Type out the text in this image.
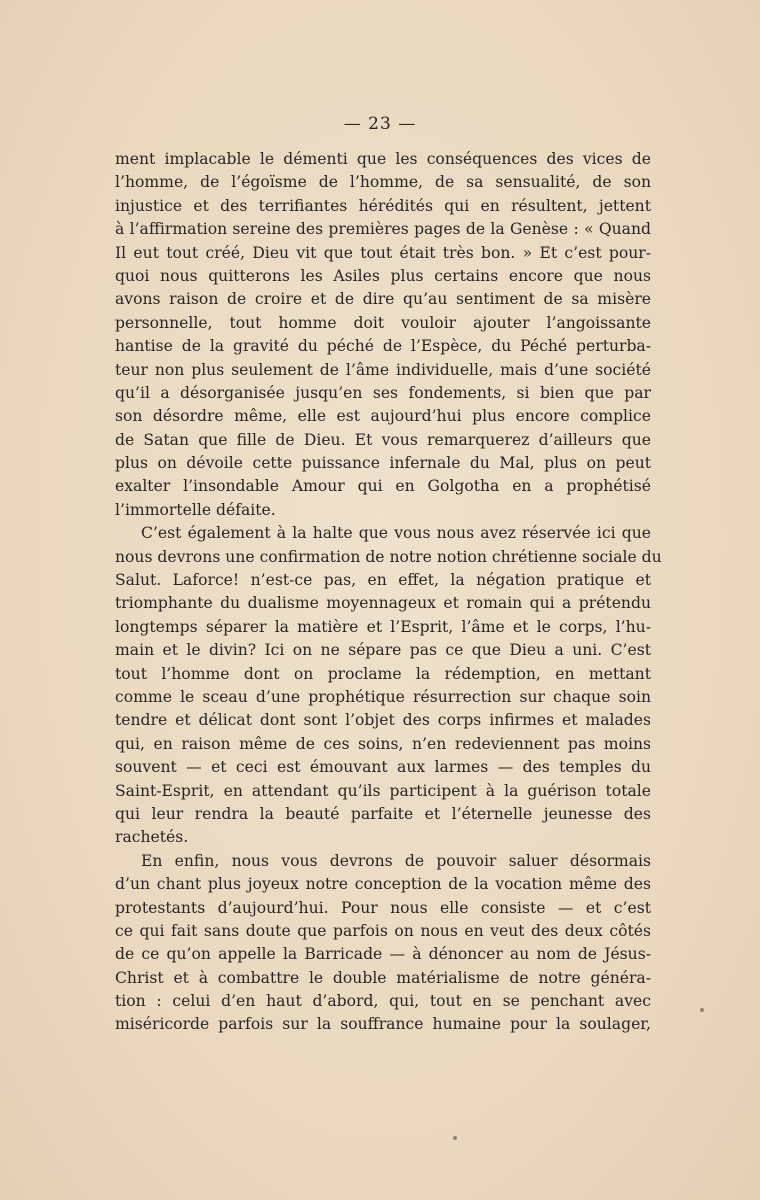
— 23 —
ment implacable le démenti que les conséquences des vices de
l’homme, de l’égoïsme de l’homme, de sa sensualité, de son
injustice et des terrifiantes hérédités qui en résultent, jettent
à l’affirmation sereine des premières pages de la Genèse : « Quand
Il eut tout créé, Dieu vit que tout était très bon. » Et c’est pour-
quoi nous quitterons les Asiles plus certains encore que nous
avons raison de croire et de dire qu’au sentiment de sa misère
personnelle, tout homme doit vouloir ajouter l’angoissante
hantise de la gravité du péché de l’Espèce, du Péché perturba-
teur non plus seulement de l’âme individuelle, mais d’une société
qu’il a désorganisée jusqu’en ses fondements, si bien que par
son désordre même, elle est aujourd’hui plus encore complice
de Satan que fille de Dieu. Et vous remarquerez d’ailleurs que
plus on dévoile cette puissance infernale du Mal, plus on peut
exalter l’insondable Amour qui en Golgotha en a prophétisé
l’immortelle défaite.
C’est également à la halte que vous nous avez réservée ici que
nous devrons une confirmation de notre notion chrétienne sociale du
Salut. Laforce! n’est-ce pas, en effet, la négation pratique et
triomphante du dualisme moyennageux et romain qui a prétendu
longtemps séparer la matière et l’Esprit, l’âme et le corps, l’hu-
main et le divin? Ici on ne sépare pas ce que Dieu a uni. C’est
tout l’homme dont on proclame la rédemption, en mettant
comme le sceau d’une prophétique résurrection sur chaque soin
tendre et délicat dont sont l’objet des corps infirmes et malades
qui, en raison même de ces soins, n’en redeviennent pas moins
souvent — et ceci est émouvant aux larmes — des temples du
Saint-Esprit, en attendant qu’ils participent à la guérison totale
qui leur rendra la beauté parfaite et l’éternelle jeunesse des
rachetés.
En enfin, nous vous devrons de pouvoir saluer désormais
d’un chant plus joyeux notre conception de la vocation même des
protestants d’aujourd’hui. Pour nous elle consiste — et c’est
ce qui fait sans doute que parfois on nous en veut des deux côtés
de ce qu’on appelle la Barricade — à dénoncer au nom de Jésus-
Christ et à combattre le double matérialisme de notre généra-
tion : celui d’en haut d’abord, qui, tout en se penchant avec
miséricorde parfois sur la souffrance humaine pour la soulager,
